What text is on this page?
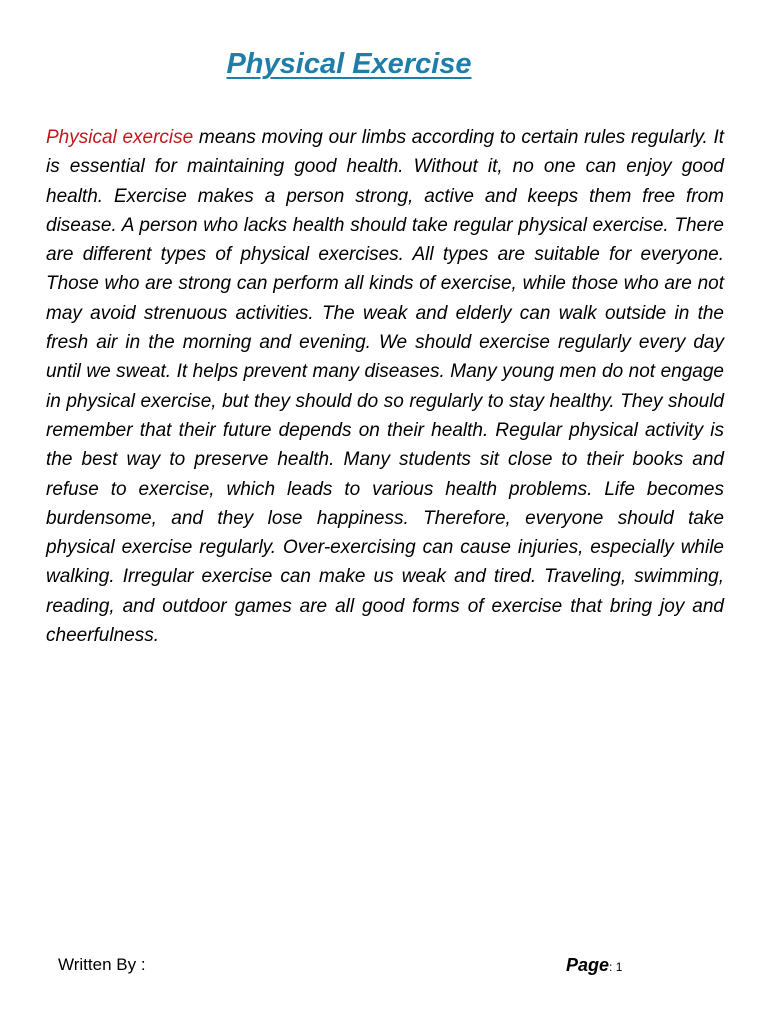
Physical Exercise

Physical exercise means moving our limbs according to certain rules regularly. It is essential for maintaining good health. Without it, no one can enjoy good health. Exercise makes a person strong, active and keeps them free from disease. A person who lacks health should take regular physical exercise. There are different types of physical exercises. All types are suitable for everyone. Those who are strong can perform all kinds of exercise, while those who are not may avoid strenuous activities. The weak and elderly can walk outside in the fresh air in the morning and evening. We should exercise regularly every day until we sweat. It helps prevent many diseases. Many young men do not engage in physical exercise, but they should do so regularly to stay healthy. They should remember that their future depends on their health. Regular physical activity is the best way to preserve health. Many students sit close to their books and refuse to exercise, which leads to various health problems. Life becomes burdensome, and they lose happiness. Therefore, everyone should take physical exercise regularly. Over-exercising can cause injuries, especially while walking. Irregular exercise can make us weak and tired. Traveling, swimming, reading, and outdoor games are all good forms of exercise that bring joy and cheerfulness.

Written By :	Page: 1
